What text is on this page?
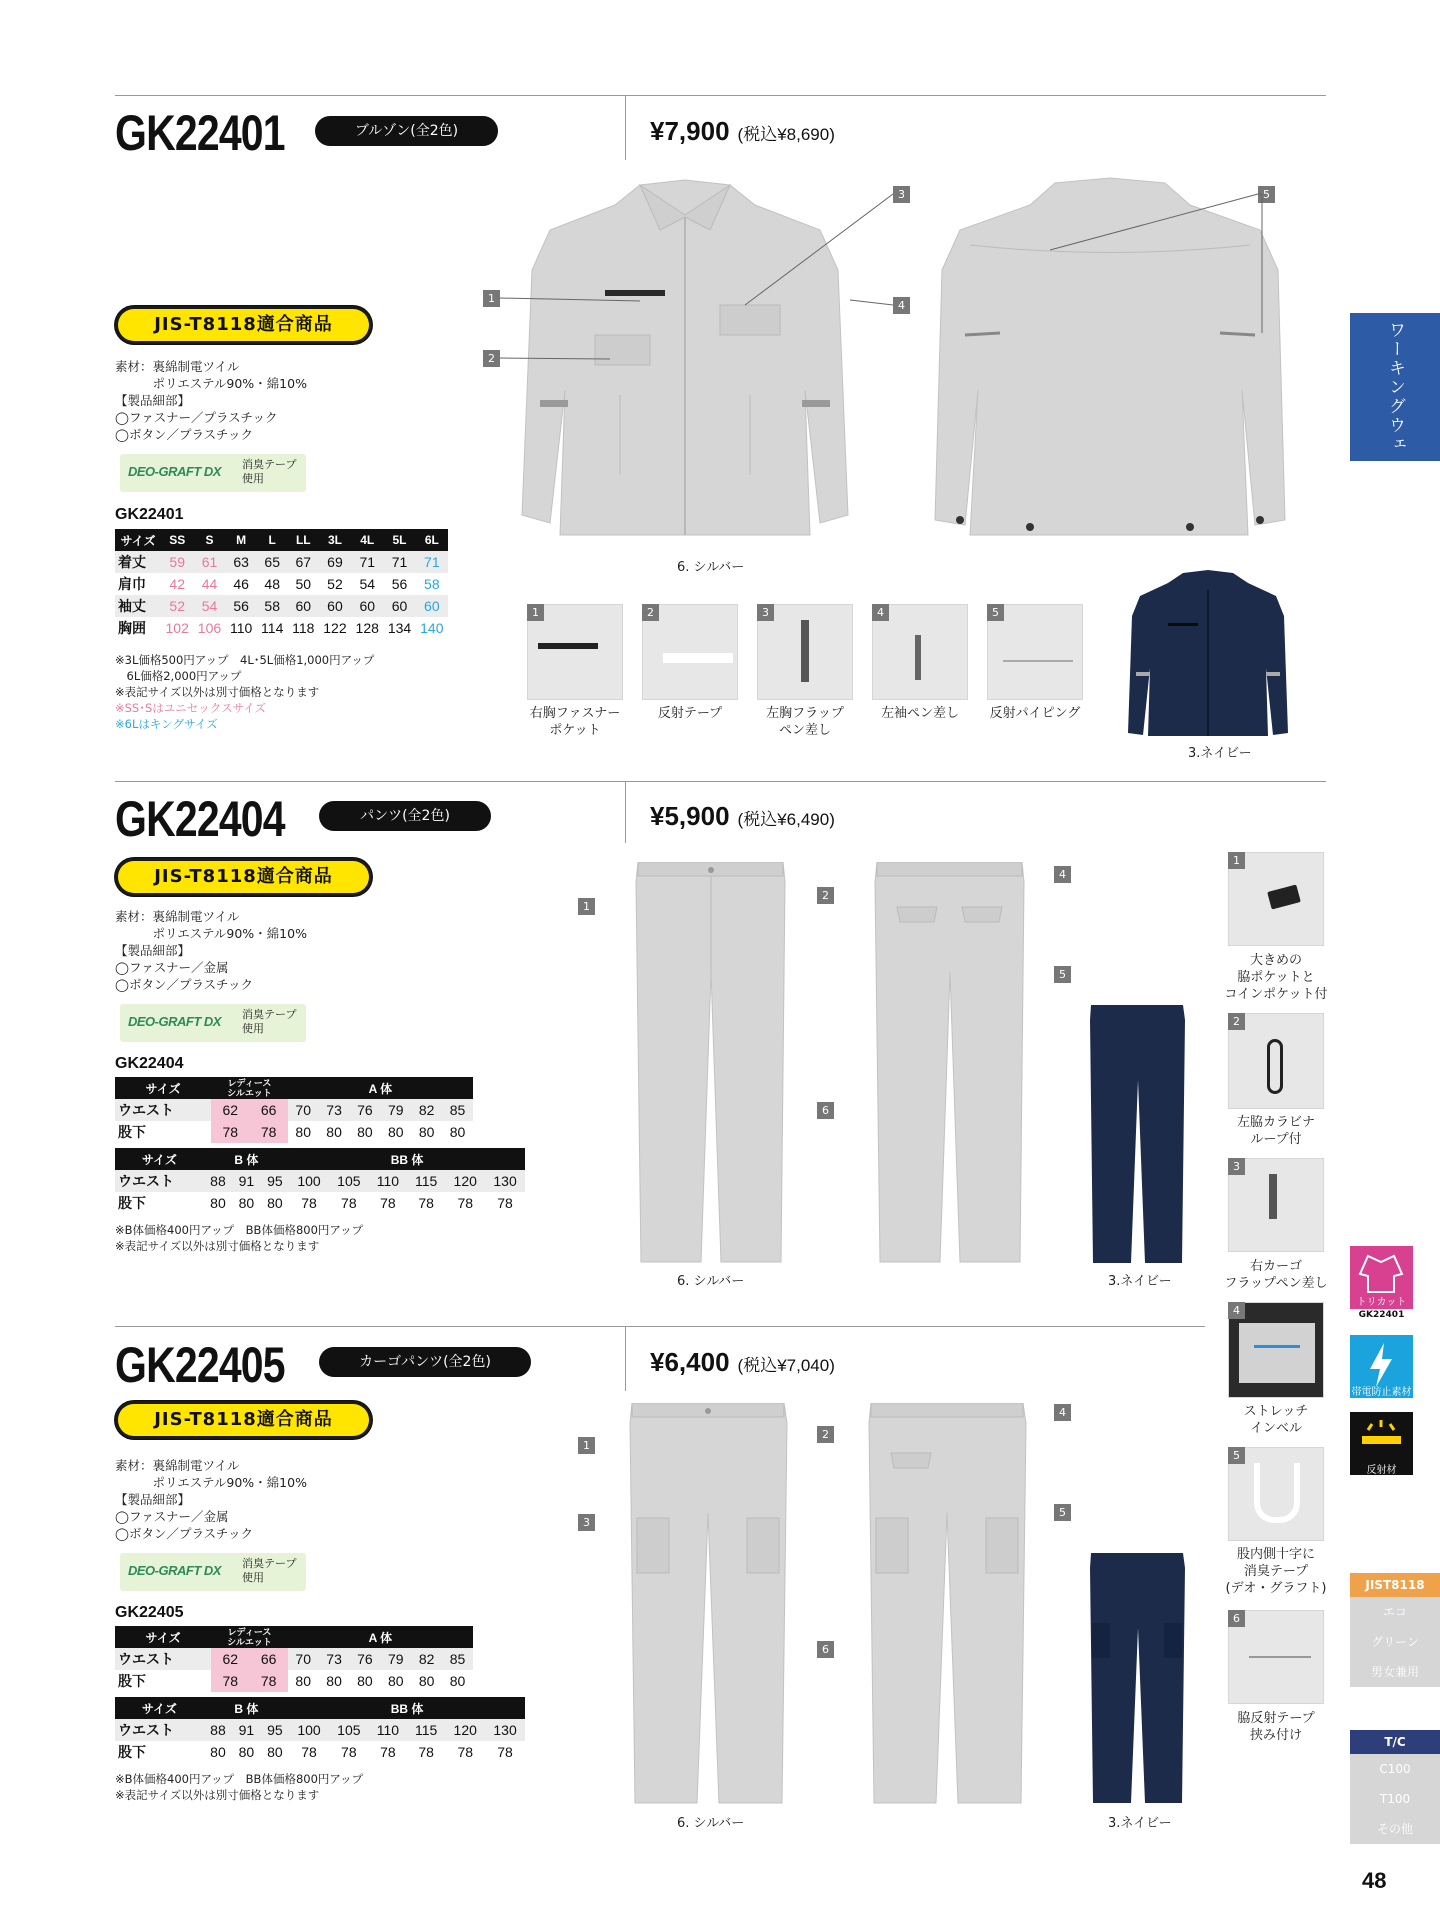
GK22401	ブルゾン(全2色)	¥7,900 (税込¥8,690)
JIS-T8118適合商品
素材：裏綿制電ツイル
　　　ポリエステル90%・綿10%
【製品細部】
◯ファスナー／プラスチック
◯ボタン／プラスチック
DEO-GRAFT DX 消臭テープ
使用
GK22401
サイズ	SS	S	M	L	LL	3L	4L	5L	6L
着丈	59	61	63	65	67	69	71	71	71
肩巾	42	44	46	48	50	52	54	56	58
袖丈	52	54	56	58	60	60	60	60	60
胸囲	102	106	110	114	118	122	128	134	140
※3L価格500円アップ　4L･5L価格1,000円アップ
　6L価格2,000円アップ
※表記サイズ以外は別寸価格となります
※SS･Sはユニセックスサイズ
※6Lはキングサイズ
1
2
3
4
5
6. シルバー
1	2	3	4	5
右胸ファスナー
ポケット
反射テープ	左胸フラップ
ペン差し
左袖ペン差し	反射パイピング
3.ネイビー
GK22404	パンツ(全2色)	¥5,900 (税込¥6,490)
JIS-T8118適合商品
素材：裏綿制電ツイル
　　　ポリエステル90%・綿10%
【製品細部】
◯ファスナー／金属
◯ボタン／プラスチック
DEO-GRAFT DX 消臭テープ
使用
GK22404
サイズ	レディース
シルエット		A 体					
ウエスト	62	66	70	73	76	79	82	85
股下	78	78	80	80	80	80	80	80
サイズ	B 体			BB 体					
ウエスト	88	91	95	100	105	110	115	120	130
股下	80	80	80	78	78	78	78	78	78
※B体価格400円アップ　BB体価格800円アップ
※表記サイズ以外は別寸価格となります
1
2
4
5
6
6. シルバー	3.ネイビー
1
大きめの
脇ポケットと
コインポケット付
2
左脇カラビナ
ループ付
3
右カーゴ
フラップペン差し
4
ストレッチ
インベル
5
股内側十字に
消臭テープ
(デオ・グラフト)
6
脇反射テープ
挟み付け
GK22405	カーゴパンツ(全2色)	¥6,400 (税込¥7,040)
JIS-T8118適合商品
素材：裏綿制電ツイル
　　　ポリエステル90%・綿10%
【製品細部】
◯ファスナー／金属
◯ボタン／プラスチック
DEO-GRAFT DX 消臭テープ
使用
GK22405
サイズ	レディース
シルエット		A 体					
ウエスト	62	66	70	73	76	79	82	85
股下	78	78	80	80	80	80	80	80
サイズ	B 体			BB 体					
ウエスト	88	91	95	100	105	110	115	120	130
股下	80	80	80	78	78	78	78	78	78
※B体価格400円アップ　BB体価格800円アップ
※表記サイズ以外は別寸価格となります
1
2
3
4
5
6
6. シルバー	3.ネイビー
ワーキングウェア
トリカット
GK22401
帯電防止素材
反射材
JIST8118
エコ
グリーン
男女兼用
T/C
C100
T100
その他
48
